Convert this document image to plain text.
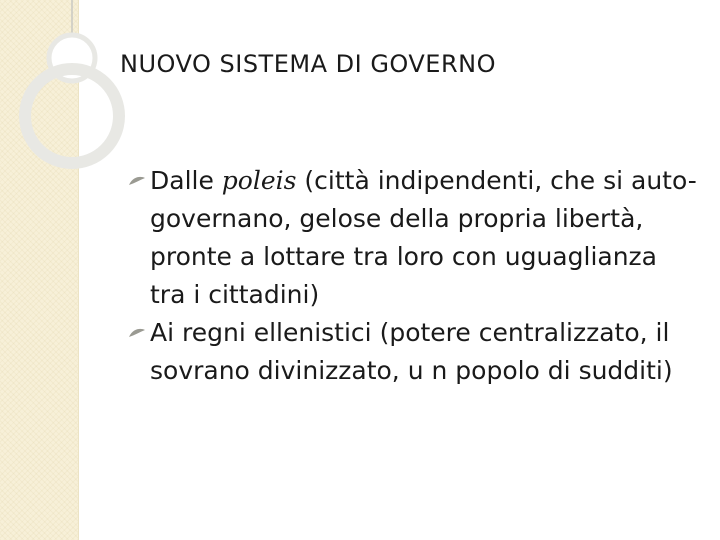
NUOVO SISTEMA DI GOVERNO
Dalle poleis (città indipendenti, che si auto-governano, gelose della propria libertà, pronte a lottare tra loro con uguaglianza tra i cittadini)
Ai regni ellenistici (potere centralizzato, il sovrano divinizzato, u n popolo di sudditi)
